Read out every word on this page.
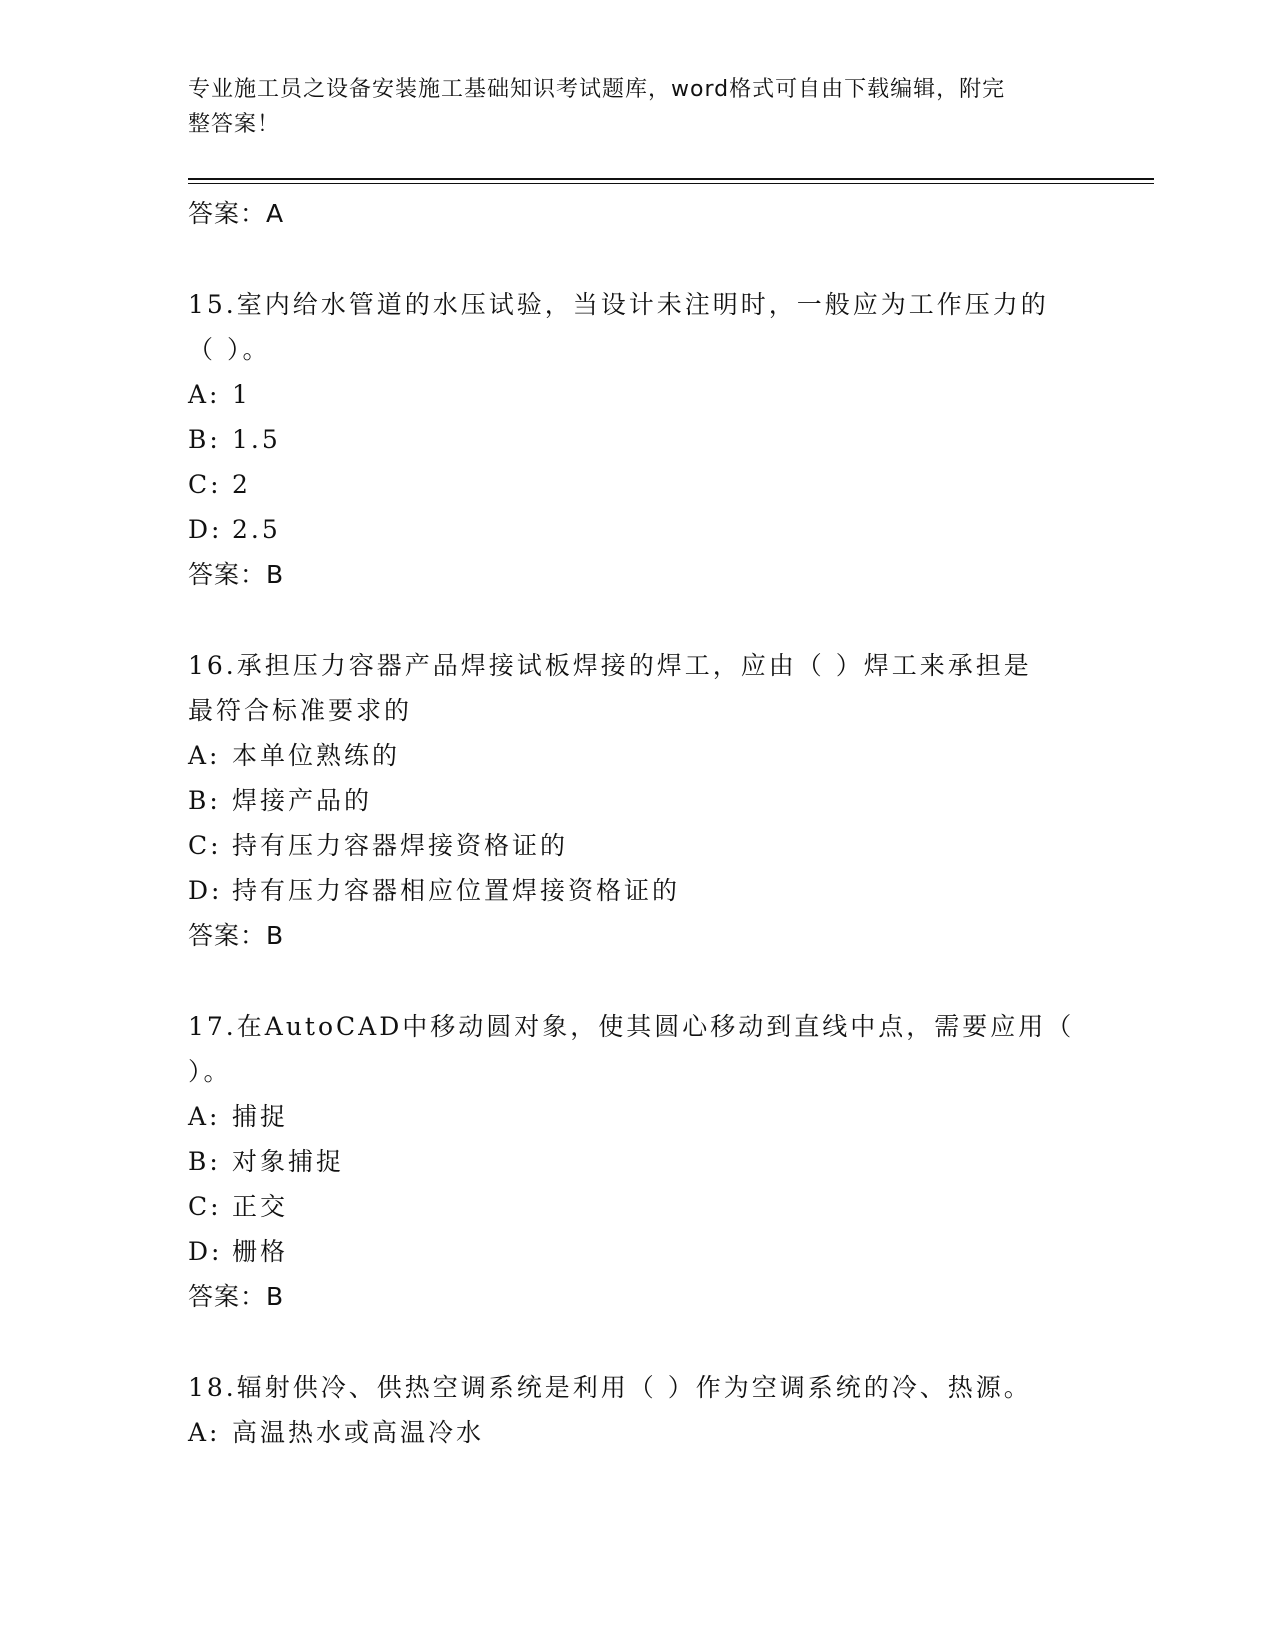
专业施工员之设备安装施工基础知识考试题库，word格式可自由下载编辑，附完
整答案！
答案：A
15.室内给水管道的水压试验，当设计未注明时，一般应为工作压力的
（ ）。
A: 1
B: 1.5
C: 2
D: 2.5
答案：B
16.承担压力容器产品焊接试板焊接的焊工，应由（ ）焊工来承担是
最符合标准要求的
A: 本单位熟练的
B: 焊接产品的
C: 持有压力容器焊接资格证的
D: 持有压力容器相应位置焊接资格证的
答案：B
17.在AutoCAD中移动圆对象，使其圆心移动到直线中点，需要应用（
）。
A: 捕捉
B: 对象捕捉
C: 正交
D: 栅格
答案：B
18.辐射供冷、供热空调系统是利用（ ）作为空调系统的冷、热源。
A: 高温热水或高温冷水
